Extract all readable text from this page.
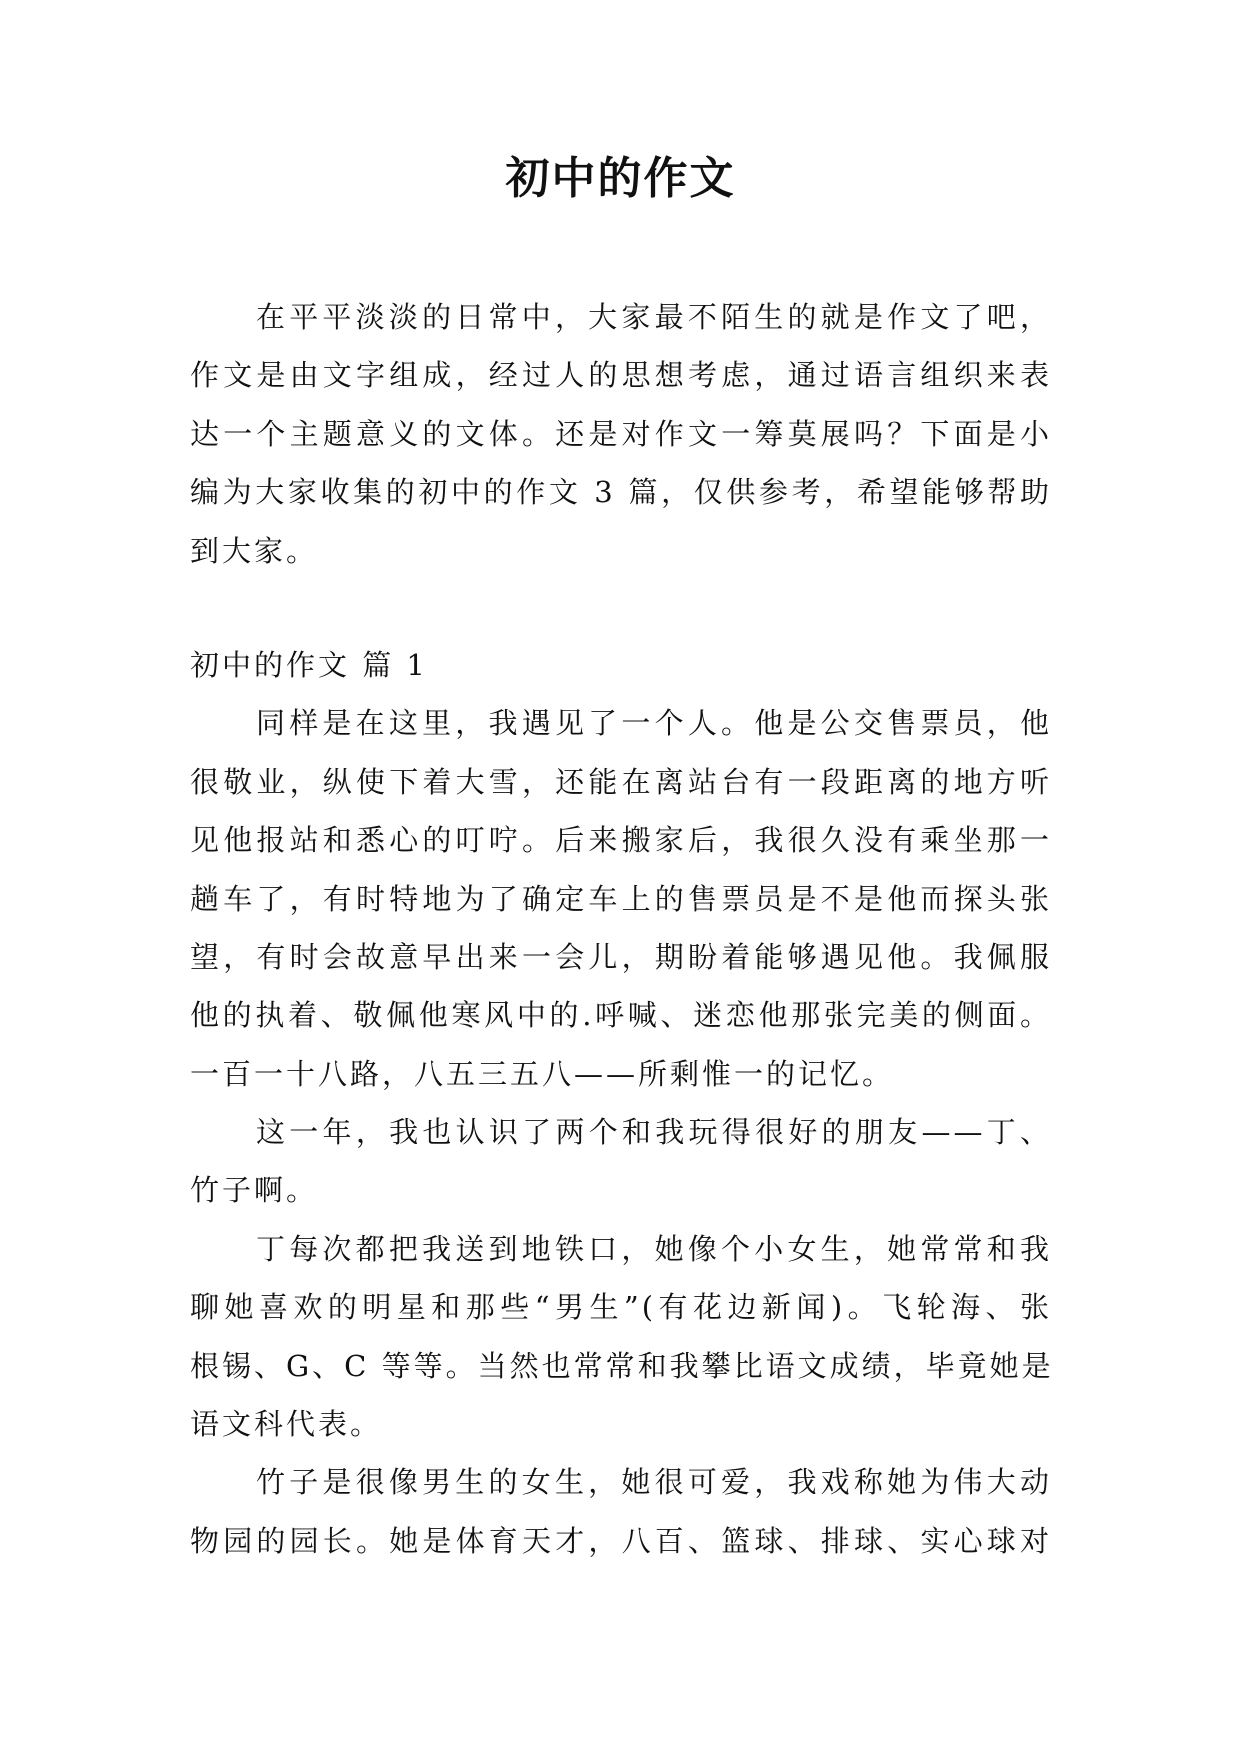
初中的作文
在平平淡淡的日常中，大家最不陌生的就是作文了吧，
作文是由文字组成，经过人的思想考虑，通过语言组织来表
达一个主题意义的文体。还是对作文一筹莫展吗？下面是小
编为大家收集的初中的作文 3 篇，仅供参考，希望能够帮助
到大家。
初中的作文 篇 1
同样是在这里，我遇见了一个人。他是公交售票员，他
很敬业，纵使下着大雪，还能在离站台有一段距离的地方听
见他报站和悉心的叮咛。后来搬家后，我很久没有乘坐那一
趟车了，有时特地为了确定车上的售票员是不是他而探头张
望，有时会故意早出来一会儿，期盼着能够遇见他。我佩服
他的执着、敬佩他寒风中的.呼喊、迷恋他那张完美的侧面。
一百一十八路，八五三五八——所剩惟一的记忆。
这一年，我也认识了两个和我玩得很好的朋友——丁、
竹子啊。
丁每次都把我送到地铁口，她像个小女生，她常常和我
聊她喜欢的明星和那些“男生”(有花边新闻)。飞轮海、张
根锡、G、C 等等。当然也常常和我攀比语文成绩，毕竟她是
语文科代表。
竹子是很像男生的女生，她很可爱，我戏称她为伟大动
物园的园长。她是体育天才，八百、篮球、排球、实心球对
